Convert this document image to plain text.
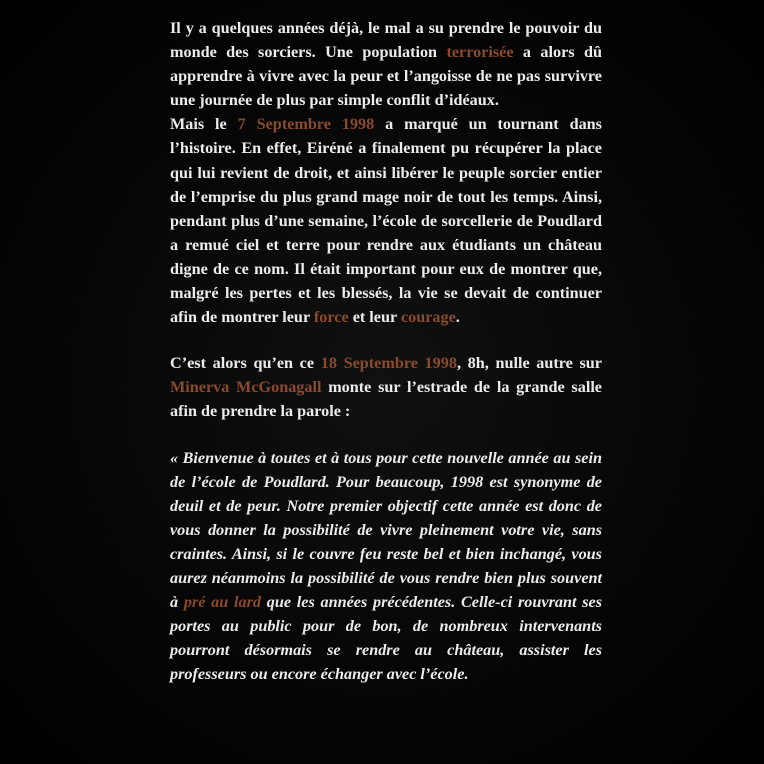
Il y a quelques années déjà, le mal a su prendre le pouvoir du monde des sorciers. Une population terrorisée a alors dû apprendre à vivre avec la peur et l’angoisse de ne pas survivre une journée de plus par simple conflit d’idéaux.

Mais le 7 Septembre 1998 a marqué un tournant dans l’histoire. En effet, Eiréné a finalement pu récupérer la place qui lui revient de droit, et ainsi libérer le peuple sorcier entier de l’emprise du plus grand mage noir de tout les temps. Ainsi, pendant plus d’une semaine, l’école de sorcellerie de Poudlard a remué ciel et terre pour rendre aux étudiants un château digne de ce nom. Il était important pour eux de montrer que, malgré les pertes et les blessés, la vie se devait de continuer afin de montrer leur force et leur courage.

C’est alors qu’en ce 18 Septembre 1998, 8h, nulle autre sur Minerva McGonagall monte sur l’estrade de la grande salle afin de prendre la parole :

« Bienvenue à toutes et à tous pour cette nouvelle année au sein de l’école de Poudlard. Pour beaucoup, 1998 est synonyme de deuil et de peur. Notre premier objectif cette année est donc de vous donner la possibilité de vivre pleinement votre vie, sans craintes. Ainsi, si le couvre feu reste bel et bien inchangé, vous aurez néanmoins la possibilité de vous rendre bien plus souvent à pré au lard que les années précédentes. Celle-ci rouvrant ses portes au public pour de bon, de nombreux intervenants pourront désormais se rendre au château, assister les professeurs ou encore échanger avec l’école.
